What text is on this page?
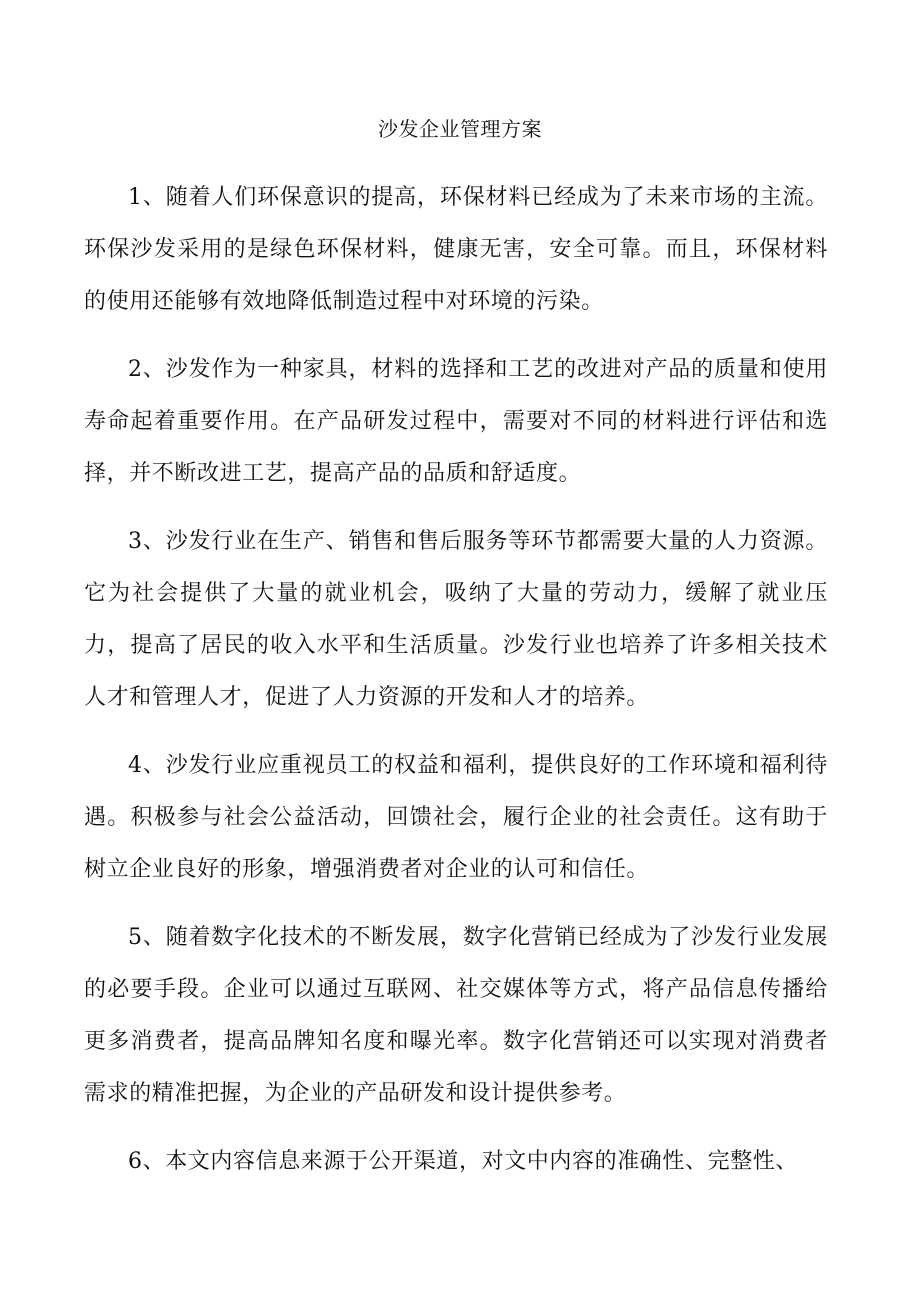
沙发企业管理方案

1、随着人们环保意识的提高，环保材料已经成为了未来市场的主流。环保沙发采用的是绿色环保材料，健康无害，安全可靠。而且，环保材料的使用还能够有效地降低制造过程中对环境的污染。

2、沙发作为一种家具，材料的选择和工艺的改进对产品的质量和使用寿命起着重要作用。在产品研发过程中，需要对不同的材料进行评估和选择，并不断改进工艺，提高产品的品质和舒适度。

3、沙发行业在生产、销售和售后服务等环节都需要大量的人力资源。它为社会提供了大量的就业机会，吸纳了大量的劳动力，缓解了就业压力，提高了居民的收入水平和生活质量。沙发行业也培养了许多相关技术人才和管理人才，促进了人力资源的开发和人才的培养。

4、沙发行业应重视员工的权益和福利，提供良好的工作环境和福利待遇。积极参与社会公益活动，回馈社会，履行企业的社会责任。这有助于树立企业良好的形象，增强消费者对企业的认可和信任。

5、随着数字化技术的不断发展，数字化营销已经成为了沙发行业发展的必要手段。企业可以通过互联网、社交媒体等方式，将产品信息传播给更多消费者，提高品牌知名度和曝光率。数字化营销还可以实现对消费者需求的精准把握，为企业的产品研发和设计提供参考。

6、本文内容信息来源于公开渠道，对文中内容的准确性、完整性、
